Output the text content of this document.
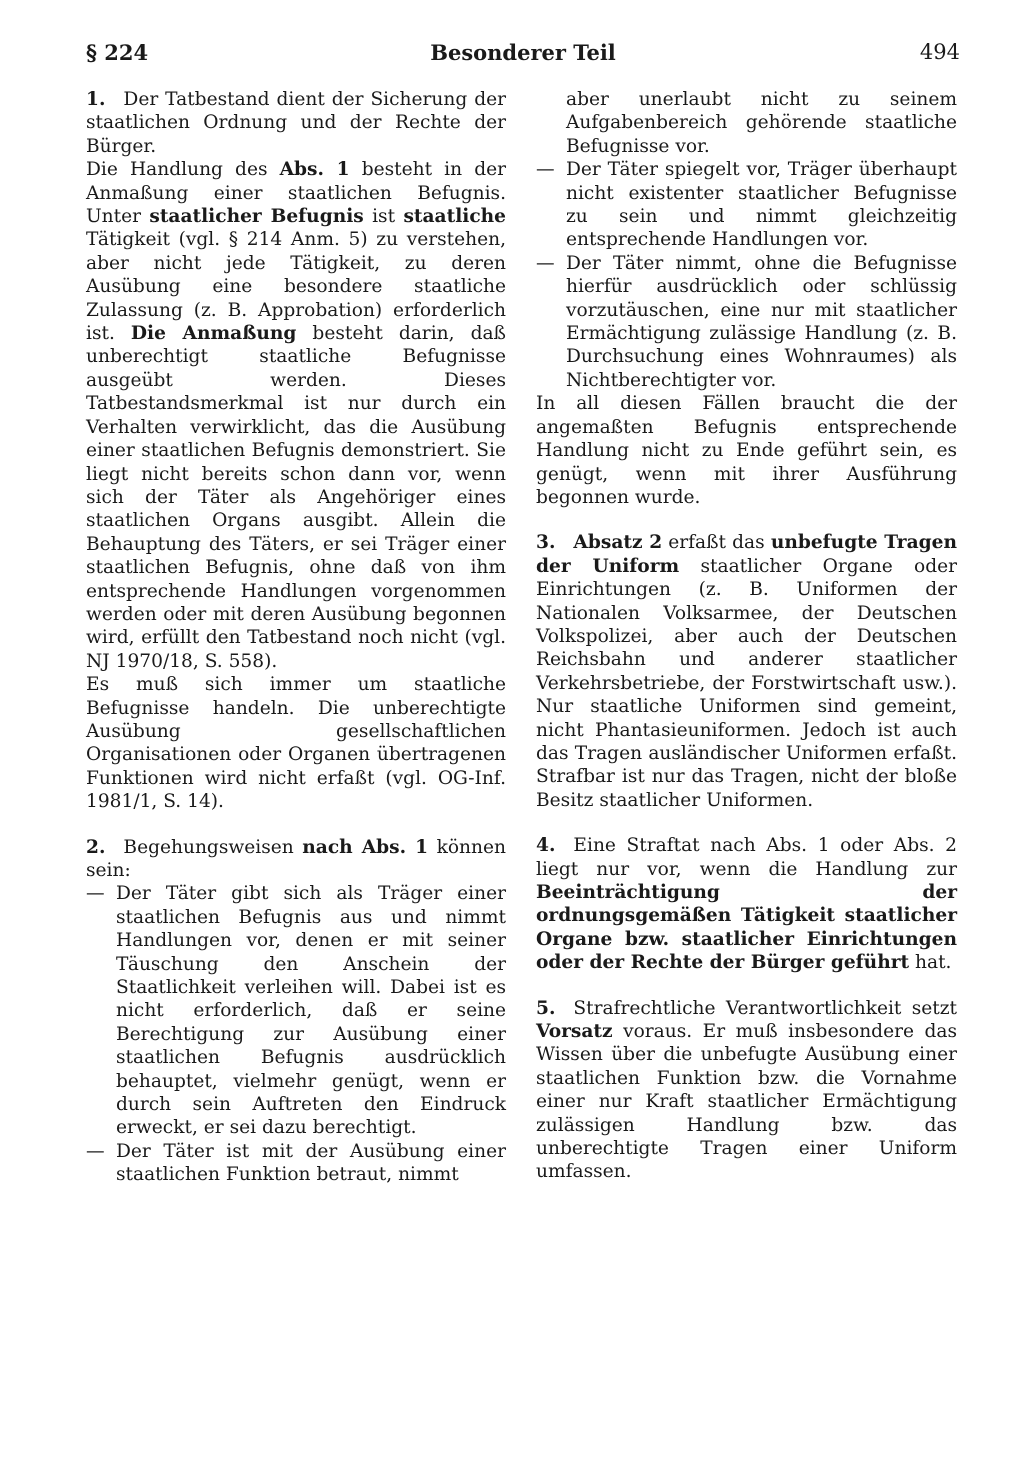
§ 224	Besonderer Teil	494

1. Der Tatbestand dient der Sicherung der staatlichen Ordnung und der Rechte der Bürger.

Die Handlung des Abs. 1 besteht in der Anmaßung einer staatlichen Befugnis. Unter staatlicher Befugnis ist staatliche Tätigkeit (vgl. § 214 Anm. 5) zu verstehen, aber nicht jede Tätigkeit, zu deren Ausübung eine besondere staatliche Zulassung (z. B. Approbation) erforderlich ist. Die Anmaßung besteht darin, daß unberechtigt staatliche Befugnisse ausgeübt werden. Dieses Tatbestandsmerkmal ist nur durch ein Verhalten verwirklicht, das die Ausübung einer staatlichen Befugnis demonstriert. Sie liegt nicht bereits schon dann vor, wenn sich der Täter als Angehöriger eines staatlichen Organs ausgibt. Allein die Behauptung des Täters, er sei Träger einer staatlichen Befugnis, ohne daß von ihm entsprechende Handlungen vorgenommen werden oder mit deren Ausübung begonnen wird, erfüllt den Tatbestand noch nicht (vgl. NJ 1970/18, S. 558).

Es muß sich immer um staatliche Befugnisse handeln. Die unberechtigte Ausübung gesellschaftlichen Organisationen oder Organen übertragenen Funktionen wird nicht erfaßt (vgl. OG-Inf. 1981/1, S. 14).

2. Begehungsweisen nach Abs. 1 können sein:

— Der Täter gibt sich als Träger einer staatlichen Befugnis aus und nimmt Handlungen vor, denen er mit seiner Täuschung den Anschein der Staatlichkeit verleihen will. Dabei ist es nicht erforderlich, daß er seine Berechtigung zur Ausübung einer staatlichen Befugnis ausdrücklich behauptet, vielmehr genügt, wenn er durch sein Auftreten den Eindruck erweckt, er sei dazu berechtigt.
— Der Täter ist mit der Ausübung einer staatlichen Funktion betraut, nimmt
aber unerlaubt nicht zu seinem Aufgabenbereich gehörende staatliche Befugnisse vor.
— Der Täter spiegelt vor, Träger überhaupt nicht existenter staatlicher Befugnisse zu sein und nimmt gleichzeitig entsprechende Handlungen vor.
— Der Täter nimmt, ohne die Befugnisse hierfür ausdrücklich oder schlüssig vorzutäuschen, eine nur mit staatlicher Ermächtigung zulässige Handlung (z. B. Durchsuchung eines Wohnraumes) als Nichtberechtigter vor.

In all diesen Fällen braucht die der angemaßten Befugnis entsprechende Handlung nicht zu Ende geführt sein, es genügt, wenn mit ihrer Ausführung begonnen wurde.

3. Absatz 2 erfaßt das unbefugte Tragen der Uniform staatlicher Organe oder Einrichtungen (z. B. Uniformen der Nationalen Volksarmee, der Deutschen Volkspolizei, aber auch der Deutschen Reichsbahn und anderer staatlicher Verkehrsbetriebe, der Forstwirtschaft usw.). Nur staatliche Uniformen sind gemeint, nicht Phantasieuniformen. Jedoch ist auch das Tragen ausländischer Uniformen erfaßt. Strafbar ist nur das Tragen, nicht der bloße Besitz staatlicher Uniformen.

4. Eine Straftat nach Abs. 1 oder Abs. 2 liegt nur vor, wenn die Handlung zur Beeinträchtigung der ordnungsgemäßen Tätigkeit staatlicher Organe bzw. staatlicher Einrichtungen oder der Rechte der Bürger geführt hat.

5. Strafrechtliche Verantwortlichkeit setzt Vorsatz voraus. Er muß insbesondere das Wissen über die unbefugte Ausübung einer staatlichen Funktion bzw. die Vornahme einer nur Kraft staatlicher Ermächtigung zulässigen Handlung bzw. das unberechtigte Tragen einer Uniform umfassen.
